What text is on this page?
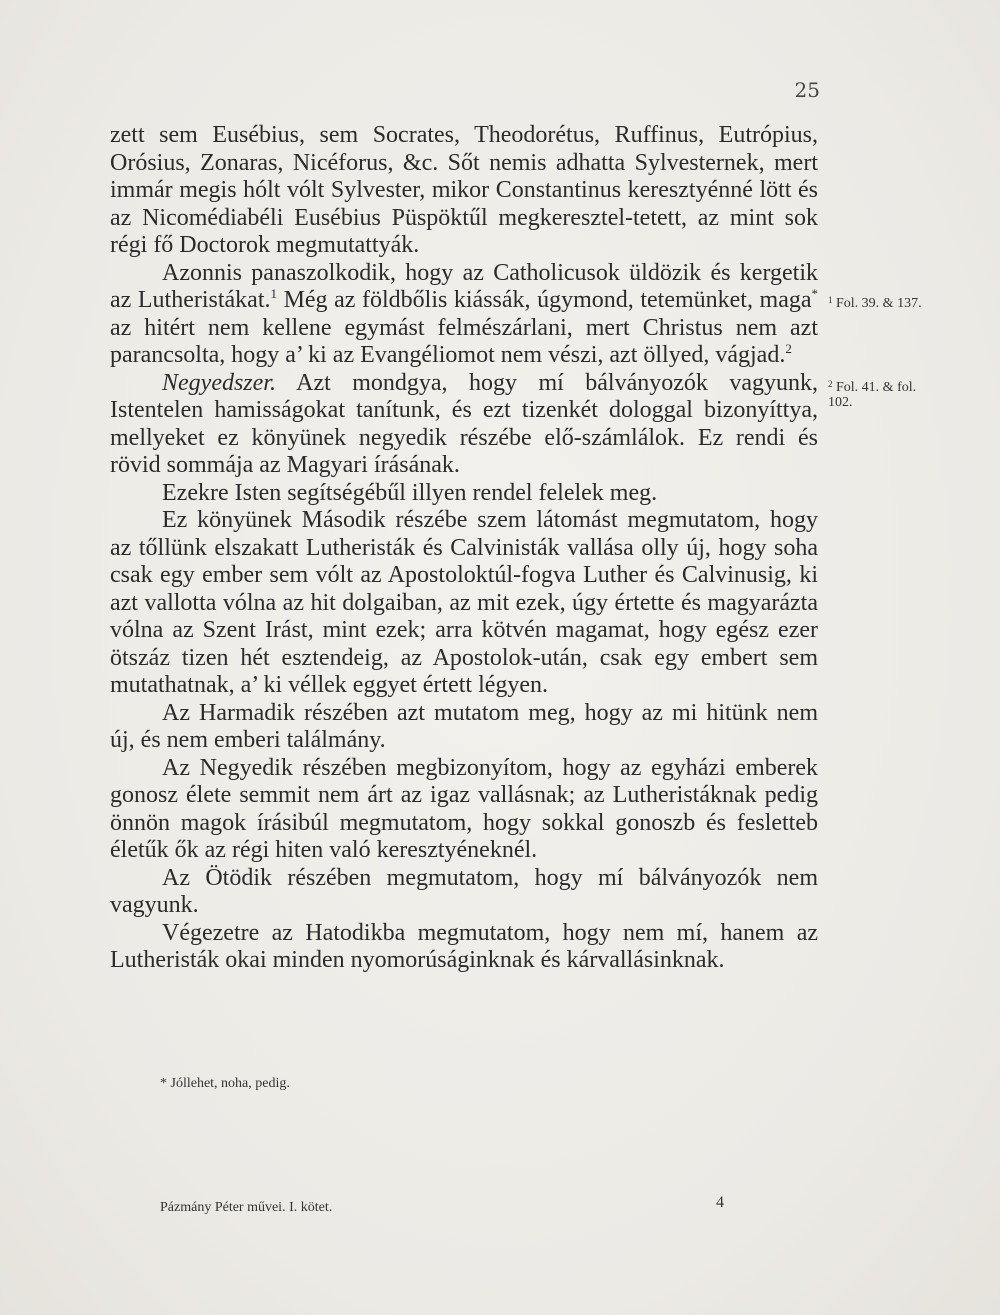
25

zett sem Eusébius, sem Socrates, Theodorétus, Ruffinus, Eutrópius, Orósius, Zonaras, Nicéforus, &c. Sőt nemis adhatta Sylvesternek, mert immár megis hólt vólt Sylvester, mikor Constantinus keresztyénné lött és az Nicomédiabéli Eusébius Püspöktűl megkeresztel-tetett, az mint sok régi fő Doctorok megmutattyák.

Azonnis panaszolkodik, hogy az Catholicusok üldözik és kergetik az Lutheristákat.$^1$ Még az földbőlis kiássák, úgymond, tetemünket, maga* az hitért nem kellene egymást felmészárlani, mert Christus nem azt parancsolta, hogy a’ ki az Evangéliomot nem vészi, azt öllyed, vágjad.$^2$

Negyedszer. Azt mondgya, hogy mí bálványozók vagyunk, Istentelen hamisságokat tanítunk, és ezt tizenkét dologgal bizonyíttya, mellyeket ez könyünek negyedik részébe elő-számlálok. Ez rendi és rövid sommája az Magyari írásának.

Ezekre Isten segítségébűl illyen rendel felelek meg.

Ez könyünek Második részébe szem látomást megmutatom, hogy az tőllünk elszakatt Lutheristák és Calvinisták vallása olly új, hogy soha csak egy ember sem vólt az Apostoloktúl-fogva Luther és Calvinusig, ki azt vallotta vólna az hit dolgaiban, az mit ezek, úgy értette és magyarázta vólna az Szent Irást, mint ezek; arra kötvén magamat, hogy egész ezer ötszáz tizen hét esztendeig, az Apostolok-után, csak egy embert sem mutathatnak, a’ ki véllek eggyet értett légyen.

Az Harmadik részében azt mutatom meg, hogy az mi hitünk nem új, és nem emberi találmány.

Az Negyedik részében megbizonyítom, hogy az egyházi emberek gonosz élete semmit nem árt az igaz vallásnak; az Lutheristáknak pedig önnön magok írásibúl megmutatom, hogy sokkal gonoszb és fesletteb életűk ők az régi hiten való keresztyéneknél.

Az Ötödik részében megmutatom, hogy mí bálványozók nem vagyunk.

Végezetre az Hatodikba megmutatom, hogy nem mí, hanem az Lutheristák okai minden nyomorúságinknak és kárvallásinknak.

$^1$ Fol. 39. & 137.
$^2$ Fol. 41. & fol. 102.
* Jóllehet, noha, pedig.
Pázmány Péter művei. I. kötet.	4
